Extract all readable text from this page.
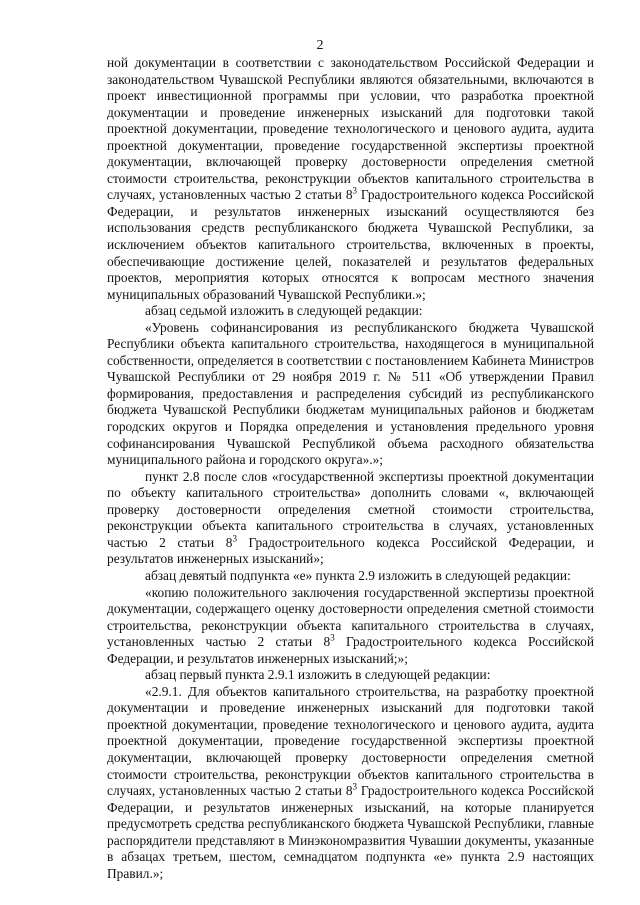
2

ной документации в соответствии с законодательством Российской Федерации и законодательством Чувашской Республики являются обязательными, включаются в проект инвестиционной программы при условии, что разработка проектной документации и проведение инженерных изысканий для подготовки такой проектной документации, проведение технологического и ценового аудита, аудита проектной документации, проведение государственной экспертизы проектной документации, включающей проверку достоверности определения сметной стоимости строительства, реконструкции объектов капитального строительства в случаях, установленных частью 2 статьи $8^3$ Градостроительного кодекса Российской Федерации, и результатов инженерных изысканий осуществляются без использования средств республиканского бюджета Чувашской Республики, за исключением объектов капитального строительства, включенных в проекты, обеспечивающие достижение целей, показателей и результатов федеральных проектов, мероприятия которых относятся к вопросам местного значения муниципальных образований Чувашской Республики.»;

абзац седьмой изложить в следующей редакции:

«Уровень софинансирования из республиканского бюджета Чувашской Республики объекта капитального строительства, находящегося в муниципальной собственности, определяется в соответствии с постановлением Кабинета Министров Чувашской Республики от 29 ноября 2019 г. № 511 «Об утверждении Правил формирования, предоставления и распределения субсидий из республиканского бюджета Чувашской Республики бюджетам муниципальных районов и бюджетам городских округов и Порядка определения и установления предельного уровня софинансирования Чувашской Республикой объема расходного обязательства муниципального района и городского округа».»;

пункт 2.8 после слов «государственной экспертизы проектной документации по объекту капитального строительства» дополнить словами «, включающей проверку достоверности определения сметной стоимости строительства, реконструкции объекта капитального строительства в случаях, установленных частью 2 статьи $8^3$ Градостроительного кодекса Российской Федерации, и результатов инженерных изысканий»;

абзац девятый подпункта «е» пункта 2.9 изложить в следующей редакции:

«копию положительного заключения государственной экспертизы проектной документации, содержащего оценку достоверности определения сметной стоимости строительства, реконструкции объекта капитального строительства в случаях, установленных частью 2 статьи $8^3$ Градостроительного кодекса Российской Федерации, и результатов инженерных изысканий;»;

абзац первый пункта 2.9.1 изложить в следующей редакции:

«2.9.1. Для объектов капитального строительства, на разработку проектной документации и проведение инженерных изысканий для подготовки такой проектной документации, проведение технологического и ценового аудита, аудита проектной документации, проведение государственной экспертизы проектной документации, включающей проверку достоверности определения сметной стоимости строительства, реконструкции объектов капитального строительства в случаях, установленных частью 2 статьи $8^3$ Градостроительного кодекса Российской Федерации, и результатов инженерных изысканий, на которые планируется предусмотреть средства республиканского бюджета Чувашской Республики, главные распорядители представляют в Минэкономразвития Чувашии документы, указанные в абзацах третьем, шестом, семнадцатом подпункта «е» пункта 2.9 настоящих Правил.»;
